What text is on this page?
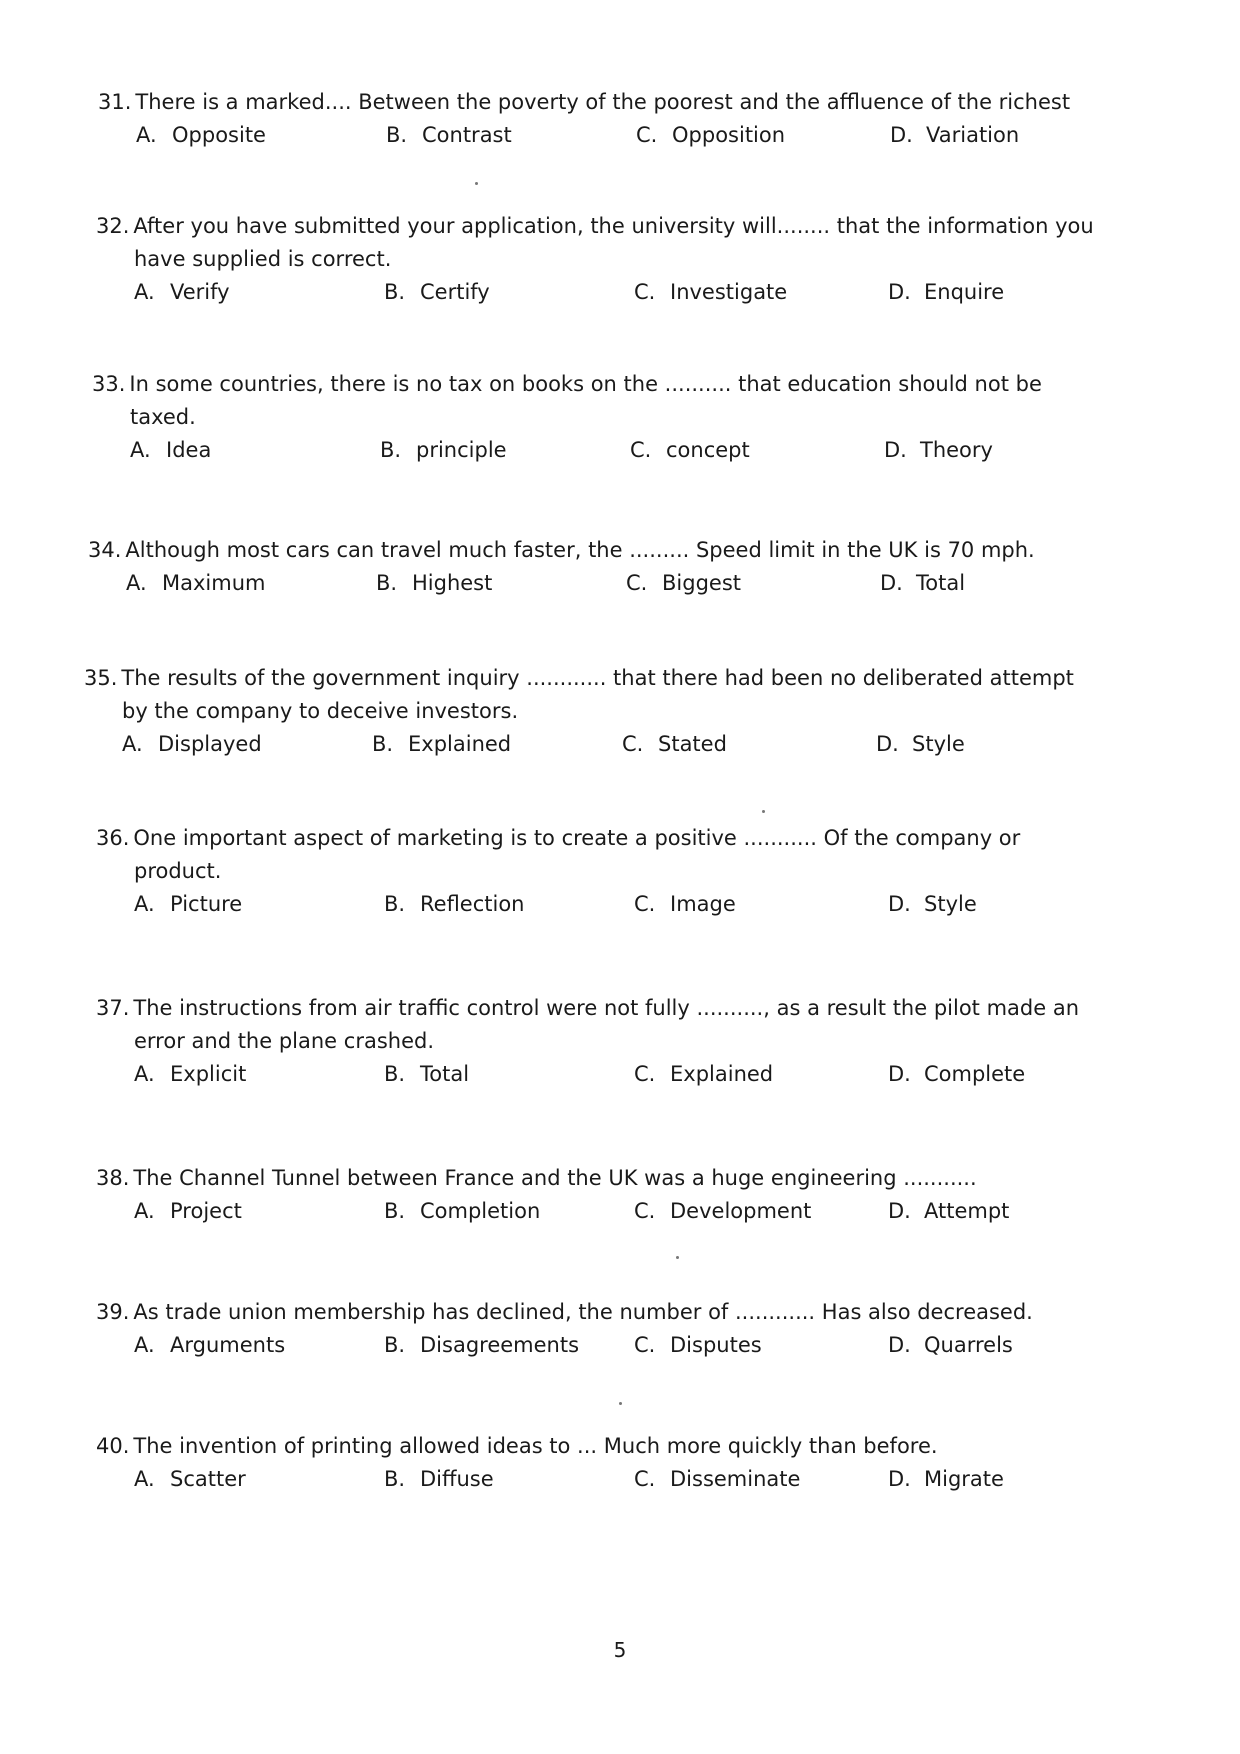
31. There is a marked.... Between the poverty of the poorest and the affluence of the richest

A. Opposite	B. Contrast	C. Opposition	D. Variation

32. After you have submitted your application, the university will........ that the information you
have supplied is correct.

A. Verify	B. Certify	C. Investigate	D. Enquire

33. In some countries, there is no tax on books on the .......... that education should not be
taxed.

A. Idea	B. principle	C. concept	D. Theory

34. Although most cars can travel much faster, the ......... Speed limit in the UK is 70 mph.

A. Maximum	B. Highest	C. Biggest	D. Total

35. The results of the government inquiry ............ that there had been no deliberated attempt
by the company to deceive investors.

A. Displayed	B. Explained	C. Stated	D. Style

36. One important aspect of marketing is to create a positive ........... Of the company or
product.

A. Picture	B. Reflection	C. Image	D. Style

37. The instructions from air traffic control were not fully .........., as a result the pilot made an
error and the plane crashed.

A. Explicit	B. Total	C. Explained	D. Complete

38. The Channel Tunnel between France and the UK was a huge engineering ...........

A. Project	B. Completion	C. Development	D. Attempt

39. As trade union membership has declined, the number of ............ Has also decreased.

A. Arguments	B. Disagreements	C. Disputes	D. Quarrels

40. The invention of printing allowed ideas to ... Much more quickly than before.

A. Scatter	B. Diffuse	C. Disseminate	D. Migrate
5
